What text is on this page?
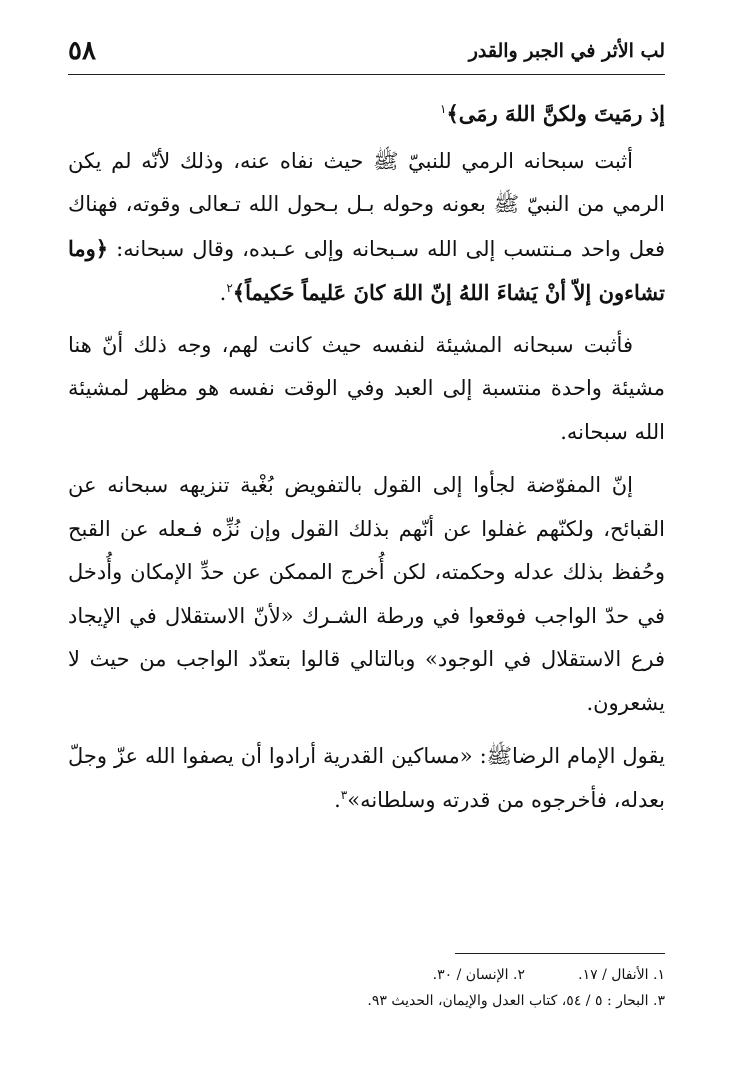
لب الأثر في الجبر والقدر
٥٨

إذ رمَيتَ ولكنَّ اللهَ رمَى﴾$^١$

أثبت سبحانه الرمي للنبيّ ﷺ حيث نفاه عنه، وذلك لأنّه لم يكن الرمي من النبيّ ﷺ بعونه وحوله بـل بـحول الله تـعالى وقوته، فهناك فعل واحد مـنتسب إلى الله سـبحانه وإلى عـبده، وقال سبحانه: ﴿وما تشاءون إلاّ أنْ يَشاءَ اللهُ إنّ اللهَ كانَ عَليماً حَكيماً﴾$^٢$.

فأثبت سبحانه المشيئة لنفسه حيث كانت لهم، وجه ذلك أنّ هنا مشيئة واحدة منتسبة إلى العبد وفي الوقت نفسه هو مظهر لمشيئة الله سبحانه.

إنّ المفوّضة لجأوا إلى القول بالتفويض بُغْية تنزيهه سبحانه عن القبائح، ولكنّهم غفلوا عن أنّهم بذلك القول وإن نُزِّه فـعله عن القبح وحُفظ بذلك عدله وحكمته، لكن أُخرج الممكن عن حدِّ الإمكان وأُدخل في حدّ الواجب فوقعوا في ورطة الشـرك «لأنّ الاستقلال في الإيجاد فرع الاستقلال في الوجود» وبالتالي قالوا بتعدّد الواجب من حيث لا يشعرون.

يقول الإمام الرضاﷺ: «مساكين القدرية أرادوا أن يصفوا الله عزّ وجلّ بعدله، فأخرجوه من قدرته وسلطانه»$^٣$.

١. الأنفال / ١٧.
٢. الإنسان / ٣٠.
٣. البحار : ٥ / ٥٤، كتاب العدل والإيمان، الحديث ٩٣.
